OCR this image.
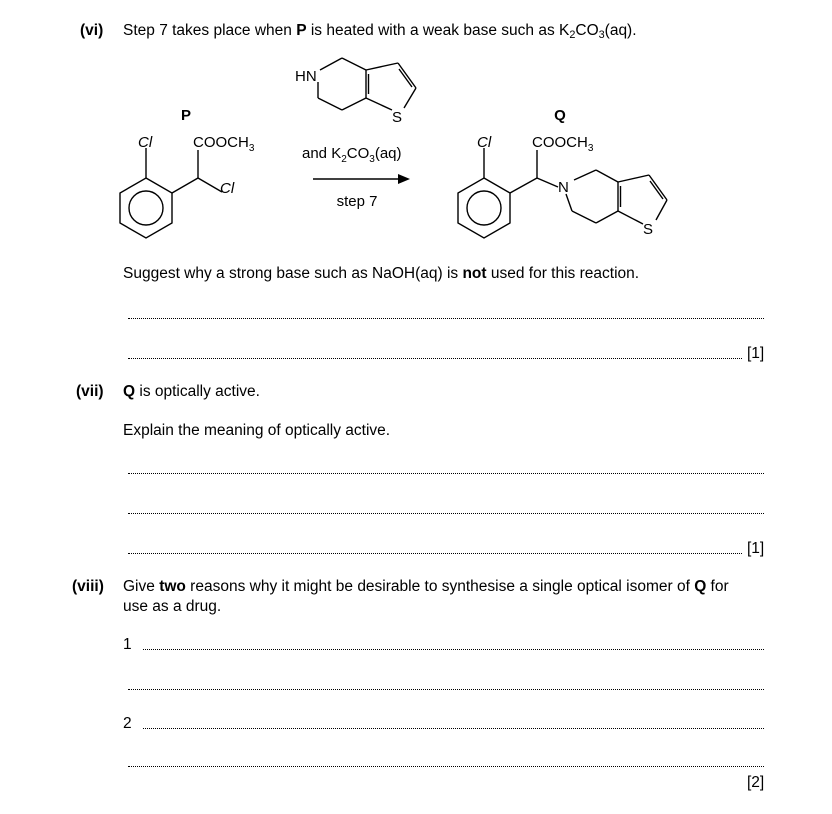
(vi) Step 7 takes place when P is heated with a weak base such as $K_2CO_3(aq)$.
P
Cl	$COOCH_3$
Cl
HN
S
and $K_2CO_3(aq)$
step 7
Q
Cl	$COOCH_3$
N
S
Suggest why a strong base such as NaOH(aq) is not used for this reaction.
[1]
(vii) Q is optically active.
Explain the meaning of optically active.
[1]
(viii) Give two reasons why it might be desirable to synthesise a single optical isomer of Q for
use as a drug.
1
2
[2]
